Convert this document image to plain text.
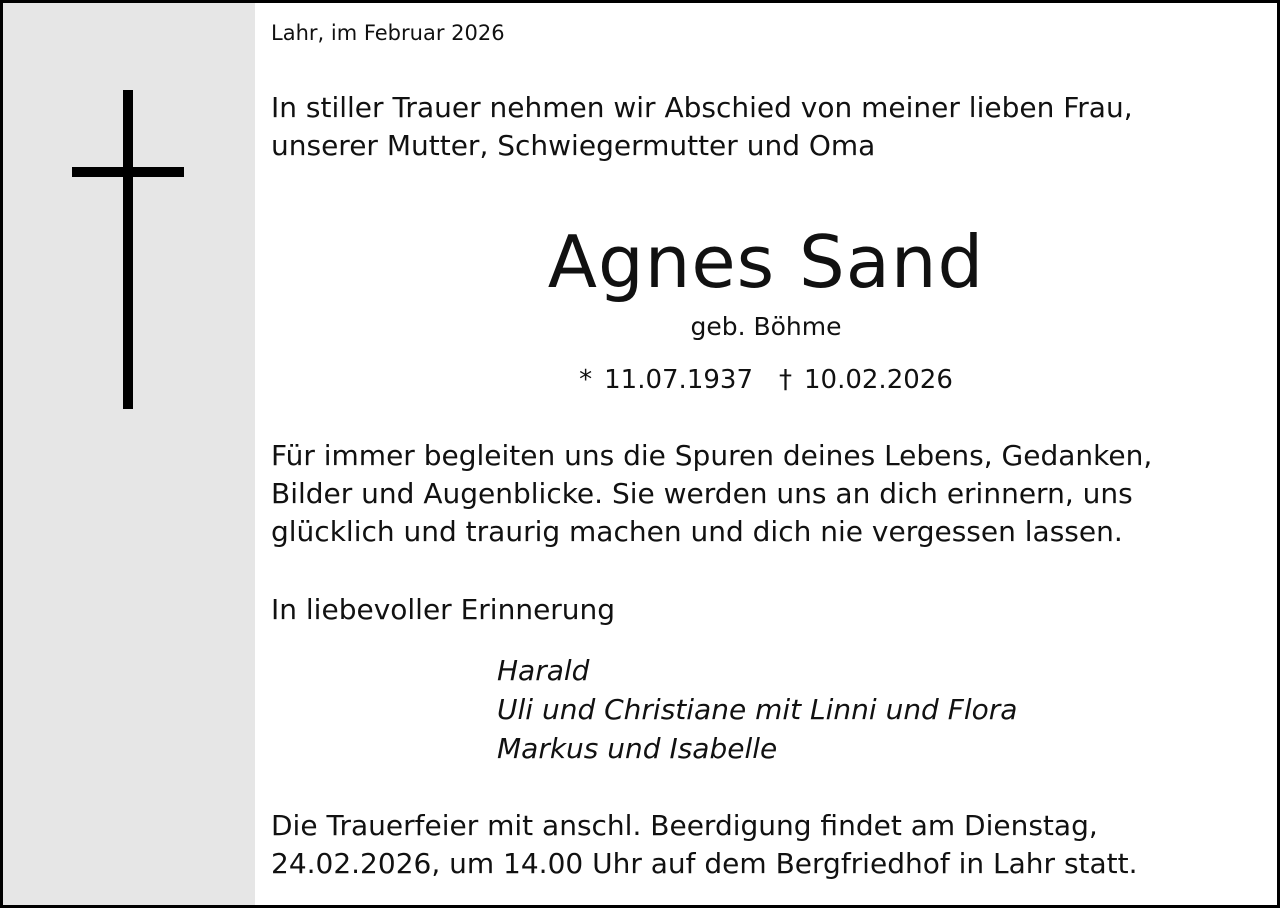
Lahr, im Februar 2026
In stiller Trauer nehmen wir Abschied von meiner lieben Frau,
unserer Mutter, Schwiegermutter und Oma
Agnes Sand
geb. Böhme
* 11.07.1937 † 10.02.2026
Für immer begleiten uns die Spuren deines Lebens, Gedanken,
Bilder und Augenblicke. Sie werden uns an dich erinnern, uns
glücklich und traurig machen und dich nie vergessen lassen.
In liebevoller Erinnerung
Harald
Uli und Christiane mit Linni und Flora
Markus und Isabelle
Die Trauerfeier mit anschl. Beerdigung findet am Dienstag,
24.02.2026, um 14.00 Uhr auf dem Bergfriedhof in Lahr statt.
